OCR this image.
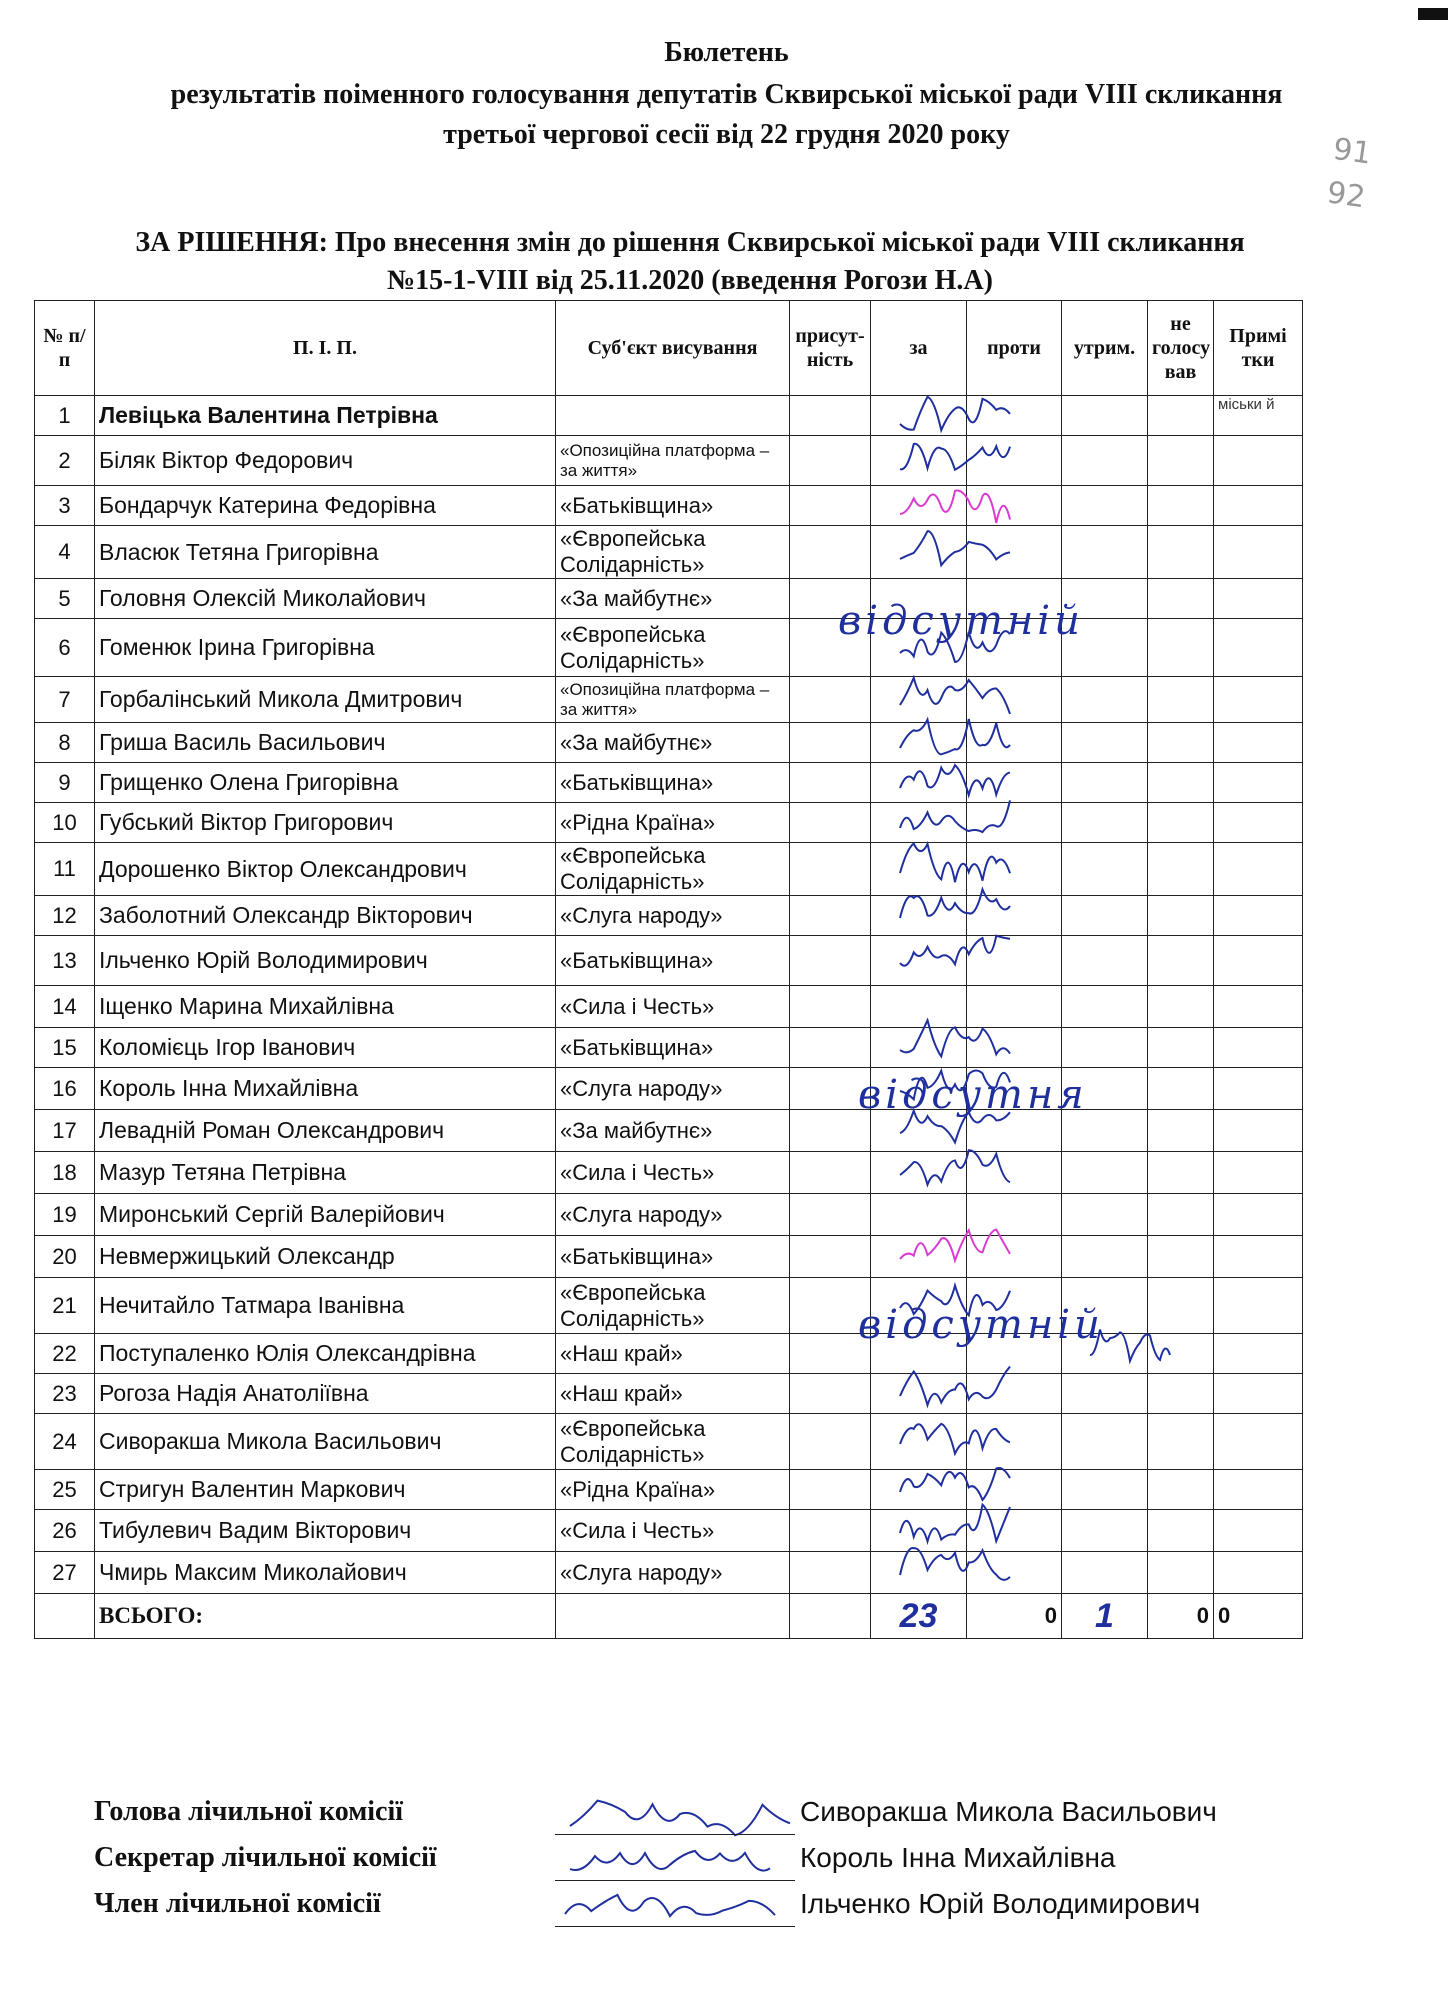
Бюлетень
результатів поіменного голосування депутатів Сквирської міської ради VIII скликання
третьої чергової сесії від 22 грудня 2020 року	91
92
ЗА РІШЕННЯ: Про внесення змін до рішення Сквирської міської ради VIII скликання
№15-1-VIII від 25.11.2020 (введення Рогози Н.А)
№ п/п	П. І. П.	Суб'єкт висування	присут-ність	за	проти	утрим.	не голосу вав	Примі тки
1	Левіцька Валентина Петрівна							міськи й
2	Біляк Віктор Федорович	«Опозиційна платформа – за життя»						
3	Бондарчук Катерина Федорівна	«Батьківщина»						
4	Власюк Тетяна Григорівна	«Європейська Солідарність»						
5	Головня Олексій Миколайович	«За майбутнє»						
6	Гоменюк Ірина Григорівна	«Європейська Солідарність»						
7	Горбалінський Микола Дмитрович	«Опозиційна платформа – за життя»						
8	Гриша Василь Васильович	«За майбутнє»						
9	Грищенко Олена Григорівна	«Батьківщина»						
10	Губський Віктор Григорович	«Рідна Країна»						
11	Дорошенко Віктор Олександрович	«Європейська Солідарність»						
12	Заболотний Олександр Вікторович	«Слуга народу»						
13	Ільченко Юрій Володимирович	«Батьківщина»						
14	Іщенко Марина Михайлівна	«Сила і Честь»						
15	Коломієць Ігор Іванович	«Батьківщина»						
16	Король Інна Михайлівна	«Слуга народу»						
17	Левадній Роман Олександрович	«За майбутнє»						
18	Мазур Тетяна Петрівна	«Сила і Честь»						
19	Миронський Сергій Валерійович	«Слуга народу»						
20	Невмержицький Олександр	«Батьківщина»						
21	Нечитайло Татмара Іванівна	«Європейська Солідарність»						
22	Поступаленко Юлія Олександрівна	«Наш край»						
23	Рогоза Надія Анатоліївна	«Наш край»						
24	Сиворакша Микола Васильович	«Європейська Солідарність»						
25	Стригун Валентин Маркович	«Рідна Країна»						
26	Тибулевич Вадим Вікторович	«Сила і Честь»						
27	Чмирь Максим Миколайович	«Слуга народу»						
	ВСЬОГО:			23	0	1	0	0
відсутній
відсутня
відсутній
Голова лічильної комісії
Секретар лічильної комісії
Член лічильної комісії
Сиворакша Микола Васильович
Король Інна Михайлівна
Ільченко Юрій Володимирович
